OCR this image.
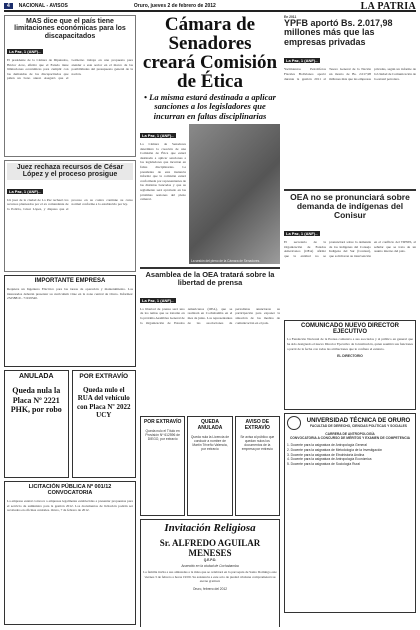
4	NACIONAL - AVISOS	Oruro, jueves 2 de febrero de 2012	LA PATRIA
MAS dice que el país tiene limitaciones económicas para los discapacitados
La Paz, 1 (ANF).-
El presidente de la Cámara de Diputados, Héctor Arce, afirmó que el Estado tiene limitaciones económicas para cumplir con las demandas de los discapacitados que piden un bono anual. Aseguró que el Gobierno trabaja en una propuesta para atender a este sector en el marco de las posibilidades del presupuesto general de la nación.
Juez rechaza recursos de César López y el proceso prosigue
La Paz, 1 (ANF).-
Un juez de la ciudad de La Paz rechazó los recursos planteados por el ex comandante de la Policía, César López, y dispuso que el proceso en su contra continúe su curso normal conforme a lo establecido por ley.
IMPORTANTE EMPRESA
Requiere un Ingeniero Eléctrico para las tareas de operación y mantenimiento. Los interesados deberán presentar su currículum vitae en la zona central de Oruro. Informes: 25258810 - 71919540.
ANULADA
Queda nula la Placa Nº 2221 PHK, por robo
POR EXTRAVÍO
Queda nulo el RUA del vehículo con Placa Nº 2022 UCY
LICITACIÓN PÚBLICA Nº 001/12 CONVOCATORIA
La empresa estatal convoca a empresas legalmente establecidas a presentar propuestas para el servicio de suministro para la gestión 2012. Los documentos de licitación podrán ser recabados en oficinas centrales. Oruro, 7 de febrero de 2012.
Cámara de Senadores creará Comisión de Ética
• La misma estará destinada a aplicar sanciones a los legisladores que incurran en faltas disciplinarias
La Paz, 1 (ANF).-
La Cámara de Senadores determinó la creación de una Comisión de Ética que estará destinada a aplicar sanciones a los legisladores que incurran en faltas disciplinarias. La presidenta de esta instancia informó que la comisión estará conformada por representantes de las distintas bancadas y que su reglamento será aprobado en las próximas sesiones del pleno camaral.
La sesión del pleno de la Cámara de Senadores.
Asamblea de la OEA tratará sobre la libertad de prensa
La Paz, 1 (ANF).-
La libertad de prensa será uno de los temas que se tratarán en la próxima Asamblea General de la Organización de Estados Americanos (OEA), que se realizará en Cochabamba en el mes de junio. Los representantes de las asociaciones de periodistas anunciaron su participación para exponer la situación de los medios de comunicación en el país.
POR EXTRAVÍO
Queda nulo el Título en Provisión Nº 612596 de DIEGO, por extravío
QUEDA ANULADA
Queda nula la Licencia de conducir a nombre de Martín Triveño Valencia, por extravío
AVISO DE EXTRAVÍO
Se avisa al público que quedan nulos los documentos de la empresa por extravío
Invitación Religiosa
Sr. ALFREDO AGUILAR MENESES
Q.E.P.D.
Acaecido en la ciudad de Cochabamba
La familia invita a sus amistades a la misa que se celebrará en la parroquia de Santo Domingo este viernes 3 de febrero a horas 19:00. Su asistencia a este acto de piedad cristiana comprometerá su eterna gratitud.
Oruro, febrero del 2012
En 2011
YPFB aportó Bs. 2.017,98 millones más que las empresas privadas
La Paz, 1 (ANF).-
Yacimientos Petrolíferos Fiscales Bolivianos aportó durante la gestión 2011 al Tesoro General de la Nación un monto de Bs. 2.017,98 millones más que las empresas privadas, según un informe de la Unidad de Comunicación de la estatal petrolera.
OEA no se pronunciará sobre demanda de indígenas del Conisur
La Paz, 1 (ANF).-
El secretario de la Organización de Estados Americanos (OEA) afirmó que la entidad no se pronunciará sobre la demanda de los indígenas del Consejo Indígena del Sur (Conisur), que solicitaron su intervención en el conflicto del TIPNIS, al señalar que se trata de un asunto interno del país.
COMUNICADO NUEVO DIRECTOR EJECUTIVO
La Fundación Nacional de la Prensa comunica a sus asociados y al público en general que ha sido designado el nuevo Director Ejecutivo de la institución, quien asumirá sus funciones a partir de la fecha con todas las atribuciones que le confiere el estatuto.
EL DIRECTORIO
UNIVERSIDAD TÉCNICA DE ORURO
FACULTAD DE DERECHO, CIENCIAS POLÍTICAS Y SOCIALES
CARRERA DE ANTROPOLOGÍA
CONVOCATORIA A CONCURSO DE MÉRITOS Y EXAMEN DE COMPETENCIA
1. Docente para la asignatura de Antropología General
2. Docente para la asignatura de Metodología de la Investigación
3. Docente para la asignatura de Etnohistoria Andina
4. Docente para la asignatura de Antropología Económica
5. Docente para la asignatura de Sociología Rural
